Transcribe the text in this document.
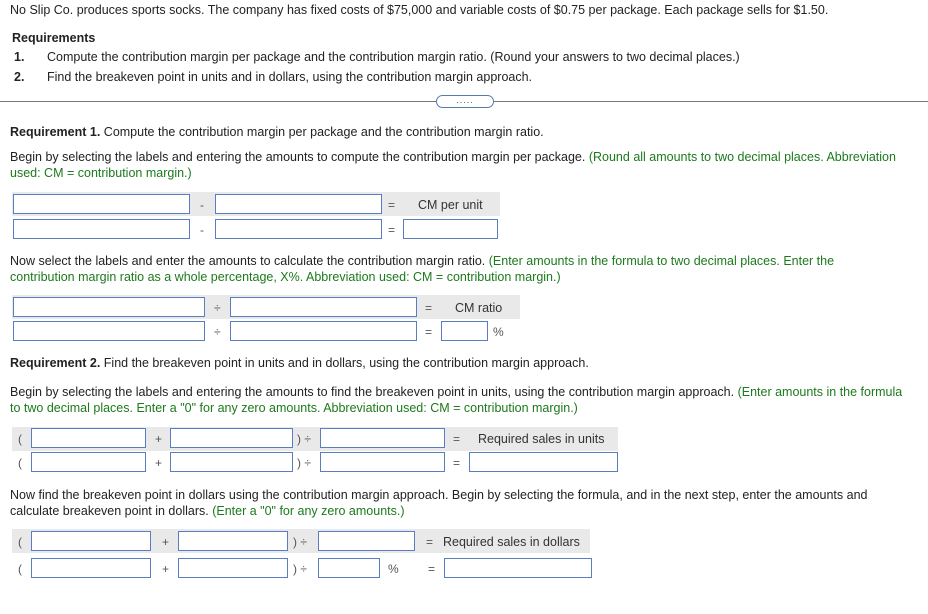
No Slip Co. produces sports socks. The company has fixed costs of $75,000 and variable costs of $0.75 per package. Each package sells for $1.50.
Requirements
1. Compute the contribution margin per package and the contribution margin ratio. (Round your answers to two decimal places.)
2. Find the breakeven point in units and in dollars, using the contribution margin approach.
.....
Requirement 1. Compute the contribution margin per package and the contribution margin ratio.
Begin by selecting the labels and entering the amounts to compute the contribution margin per package. (Round all amounts to two decimal places. Abbreviation used: CM = contribution margin.)
-	= CM per unit
-	=
Now select the labels and enter the amounts to calculate the contribution margin ratio. (Enter amounts in the formula to two decimal places. Enter the contribution margin ratio as a whole percentage, X%. Abbreviation used: CM = contribution margin.)
÷	= CM ratio
÷	=	%
Requirement 2. Find the breakeven point in units and in dollars, using the contribution margin approach.
Begin by selecting the labels and entering the amounts to find the breakeven point in units, using the contribution margin approach. (Enter amounts in the formula to two decimal places. Enter a "0" for any zero amounts. Abbreviation used: CM = contribution margin.)
(	+	) ÷	= Required sales in units
(	+	) ÷	=
Now find the breakeven point in dollars using the contribution margin approach. Begin by selecting the formula, and in the next step, enter the amounts and calculate breakeven point in dollars. (Enter a "0" for any zero amounts.)
(	+	) ÷	= Required sales in dollars
(	+	) ÷	% =
